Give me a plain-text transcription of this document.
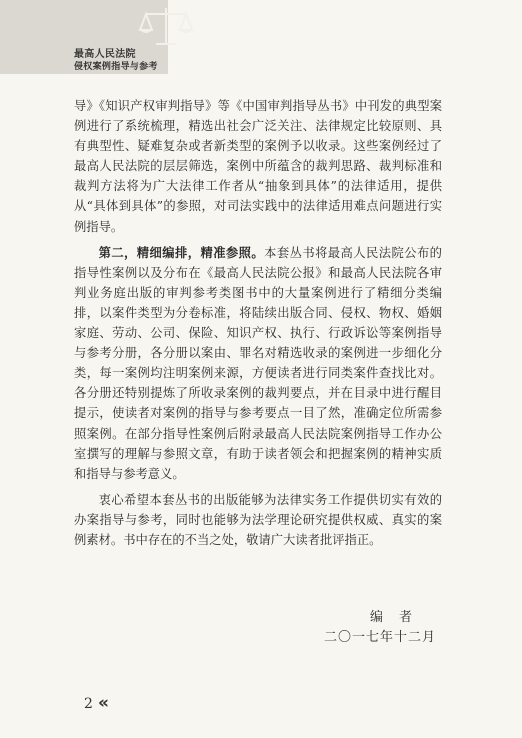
最高人民法院
侵权案例指导与参考

导》《知识产权审判指导》等《中国审判指导丛书》中刊发的典型案例进行了系统梳理，精选出社会广泛关注、法律规定比较原则、具有典型性、疑难复杂或者新类型的案例予以收录。这些案例经过了最高人民法院的层层筛选，案例中所蕴含的裁判思路、裁判标准和裁判方法将为广大法律工作者从“抽象到具体”的法律适用，提供从“具体到具体”的参照，对司法实践中的法律适用难点问题进行实例指导。

第二，精细编排，精准参照。本套丛书将最高人民法院公布的指导性案例以及分布在《最高人民法院公报》和最高人民法院各审判业务庭出版的审判参考类图书中的大量案例进行了精细分类编排，以案件类型为分卷标准，将陆续出版合同、侵权、物权、婚姻家庭、劳动、公司、保险、知识产权、执行、行政诉讼等案例指导与参考分册，各分册以案由、罪名对精选收录的案例进一步细化分类，每一案例均注明案例来源，方便读者进行同类案件查找比对。各分册还特别提炼了所收录案例的裁判要点，并在目录中进行醒目提示，使读者对案例的指导与参考要点一目了然，准确定位所需参照案例。在部分指导性案例后附录最高人民法院案例指导工作办公室撰写的理解与参照文章，有助于读者领会和把握案例的精神实质和指导与参考意义。

衷心希望本套丛书的出版能够为法律实务工作提供切实有效的办案指导与参考，同时也能够为法学理论研究提供权威、真实的案例素材。书中存在的不当之处，敬请广大读者批评指正。

编者
二〇一七年十二月
2 «
